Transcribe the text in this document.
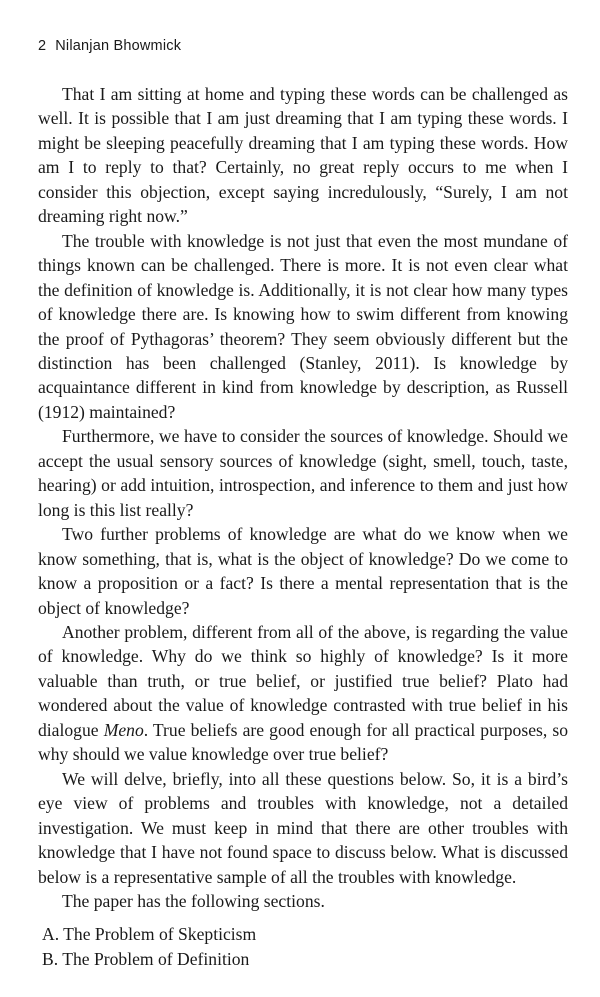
2 Nilanjan Bhowmick

That I am sitting at home and typing these words can be challenged as well. It is possible that I am just dreaming that I am typing these words. I might be sleeping peacefully dreaming that I am typing these words. How am I to reply to that? Certainly, no great reply occurs to me when I consider this objection, except saying incredulously, “Surely, I am not dreaming right now.”

The trouble with knowledge is not just that even the most mundane of things known can be challenged. There is more. It is not even clear what the definition of knowledge is. Additionally, it is not clear how many types of knowledge there are. Is knowing how to swim different from knowing the proof of Pythagoras’ theorem? They seem obviously different but the distinction has been challenged (Stanley, 2011). Is knowledge by acquaintance different in kind from knowledge by description, as Russell (1912) maintained?

Furthermore, we have to consider the sources of knowledge. Should we accept the usual sensory sources of knowledge (sight, smell, touch, taste, hearing) or add intuition, introspection, and inference to them and just how long is this list really?

Two further problems of knowledge are what do we know when we know something, that is, what is the object of knowledge? Do we come to know a proposition or a fact? Is there a mental representation that is the object of knowledge?

Another problem, different from all of the above, is regarding the value of knowledge. Why do we think so highly of knowledge? Is it more valuable than truth, or true belief, or justified true belief? Plato had wondered about the value of knowledge contrasted with true belief in his dialogue Meno. True beliefs are good enough for all practical purposes, so why should we value knowledge over true belief?

We will delve, briefly, into all these questions below. So, it is a bird’s eye view of problems and troubles with knowledge, not a detailed investigation. We must keep in mind that there are other troubles with knowledge that I have not found space to discuss below. What is discussed below is a representative sample of all the troubles with knowledge.

The paper has the following sections.

A. The Problem of Skepticism
B. The Problem of Definition
